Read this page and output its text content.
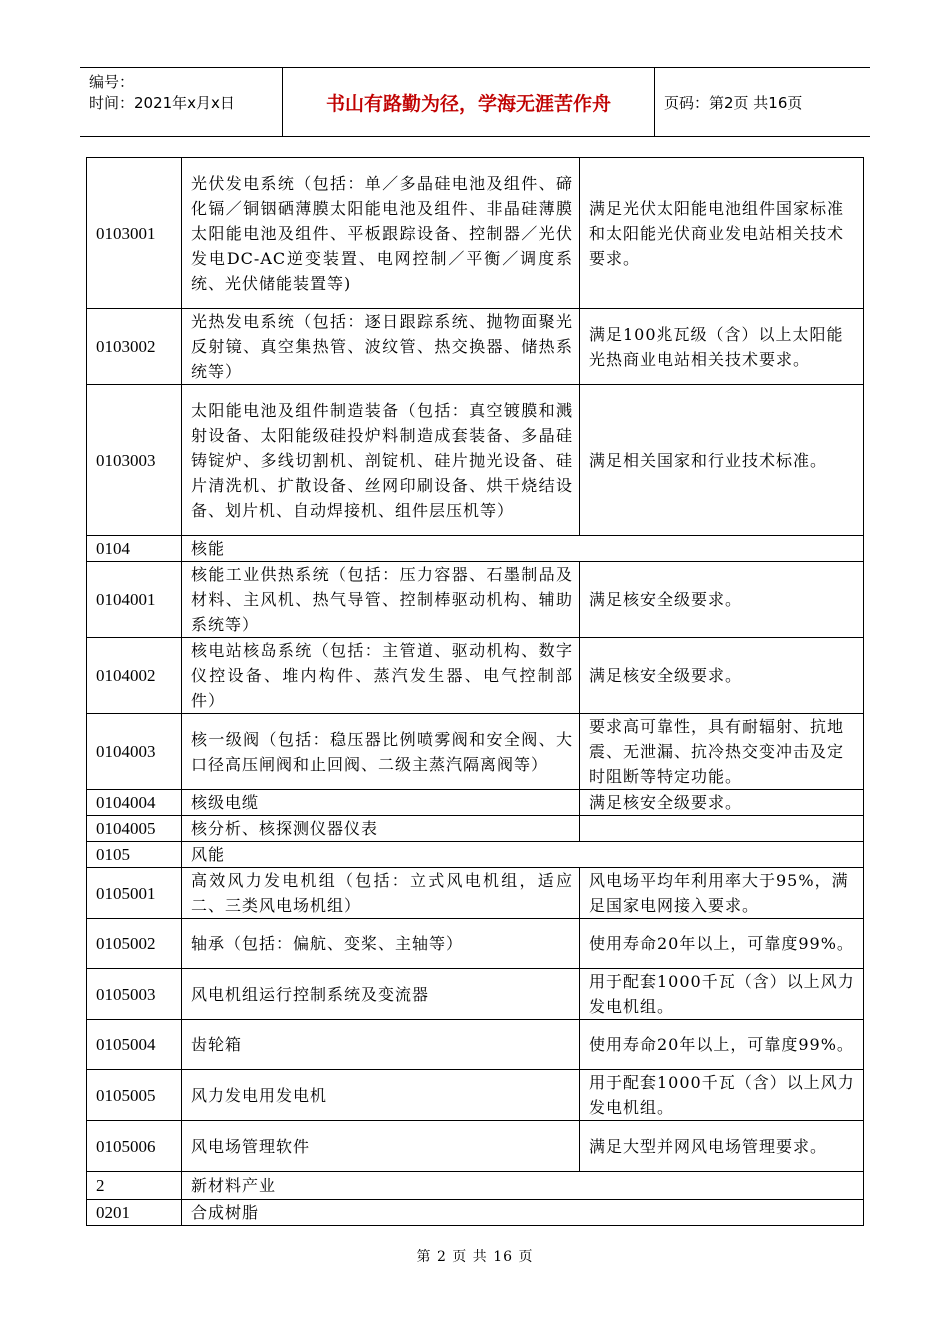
编号：
时间：2021年x月x日	书山有路勤为径，学海无涯苦作舟	页码：第2页 共16页
0103001	光伏发电系统（包括：单／多晶硅电池及组件、碲化镉／铜铟硒薄膜太阳能电池及组件、非晶硅薄膜太阳能电池及组件、平板跟踪设备、控制器／光伏发电DC-AC逆变装置、电网控制／平衡／调度系统、光伏储能装置等)	满足光伏太阳能电池组件国家标准和太阳能光伏商业发电站相关技术要求。
0103002	光热发电系统（包括：逐日跟踪系统、抛物面聚光反射镜、真空集热管、波纹管、热交换器、储热系统等）	满足100兆瓦级（含）以上太阳能光热商业电站相关技术要求。
0103003	太阳能电池及组件制造装备（包括：真空镀膜和溅射设备、太阳能级硅投炉料制造成套装备、多晶硅铸锭炉、多线切割机、剖锭机、硅片抛光设备、硅片清洗机、扩散设备、丝网印刷设备、烘干烧结设备、划片机、自动焊接机、组件层压机等）	满足相关国家和行业技术标准。
0104	核能	
0104001	核能工业供热系统（包括：压力容器、石墨制品及材料、主风机、热气导管、控制棒驱动机构、辅助系统等）	满足核安全级要求。
0104002	核电站核岛系统（包括：主管道、驱动机构、数字仪控设备、堆内构件、蒸汽发生器、电气控制部件）	满足核安全级要求。
0104003	核一级阀（包括：稳压器比例喷雾阀和安全阀、大口径高压闸阀和止回阀、二级主蒸汽隔离阀等）	要求高可靠性，具有耐辐射、抗地震、无泄漏、抗冷热交变冲击及定时阻断等特定功能。
0104004	核级电缆	满足核安全级要求。
0104005	核分析、核探测仪器仪表	
0105	风能	
0105001	高效风力发电机组（包括：立式风电机组，适应二、三类风电场机组）	风电场平均年利用率大于95%，满足国家电网接入要求。
0105002	轴承（包括：偏航、变桨、主轴等）	使用寿命20年以上，可靠度99%。
0105003	风电机组运行控制系统及变流器	用于配套1000千瓦（含）以上风力发电机组。
0105004	齿轮箱	使用寿命20年以上，可靠度99%。
0105005	风力发电用发电机	用于配套1000千瓦（含）以上风力发电机组。
0105006	风电场管理软件	满足大型并网风电场管理要求。
2	新材料产业	
0201	合成树脂	
第 2 页 共 16 页
